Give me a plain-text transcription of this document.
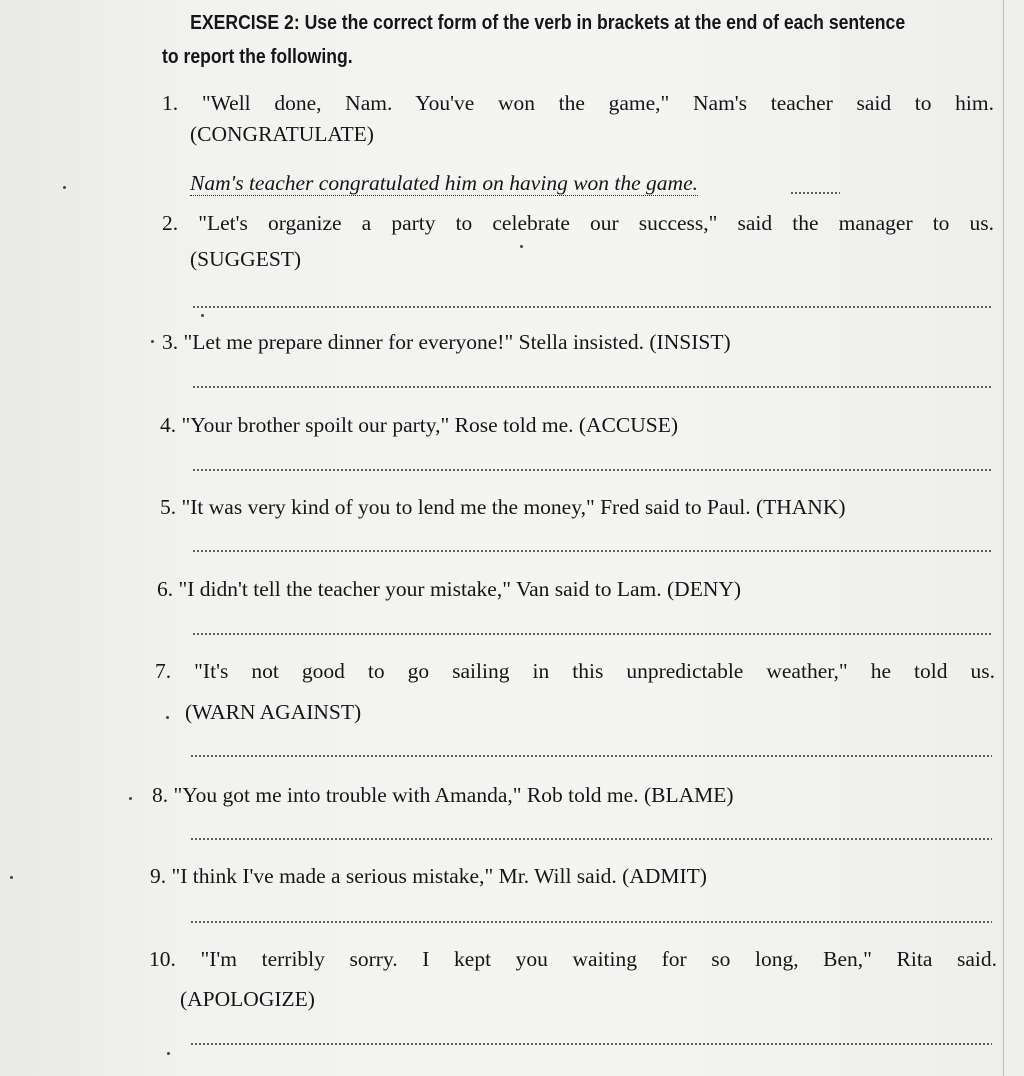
EXERCISE 2: Use the correct form of the verb in brackets at the end of each sentence
to report the following.
1. "Well done, Nam. You've won the game," Nam's teacher said to him.
(CONGRATULATE)
Nam's teacher congratulated him on having won the game.
2. "Let's organize a party to celebrate our success," said the manager to us.
(SUGGEST)
3. "Let me prepare dinner for everyone!" Stella insisted. (INSIST)
4. "Your brother spoilt our party," Rose told me. (ACCUSE)
5. "It was very kind of you to lend me the money," Fred said to Paul. (THANK)
6. "I didn't tell the teacher your mistake," Van said to Lam. (DENY)
7. "It's not good to go sailing in this unpredictable weather," he told us.
(WARN AGAINST)
8. "You got me into trouble with Amanda," Rob told me. (BLAME)
9. "I think I've made a serious mistake," Mr. Will said. (ADMIT)
10. "I'm terribly sorry. I kept you waiting for so long, Ben," Rita said.
(APOLOGIZE)
